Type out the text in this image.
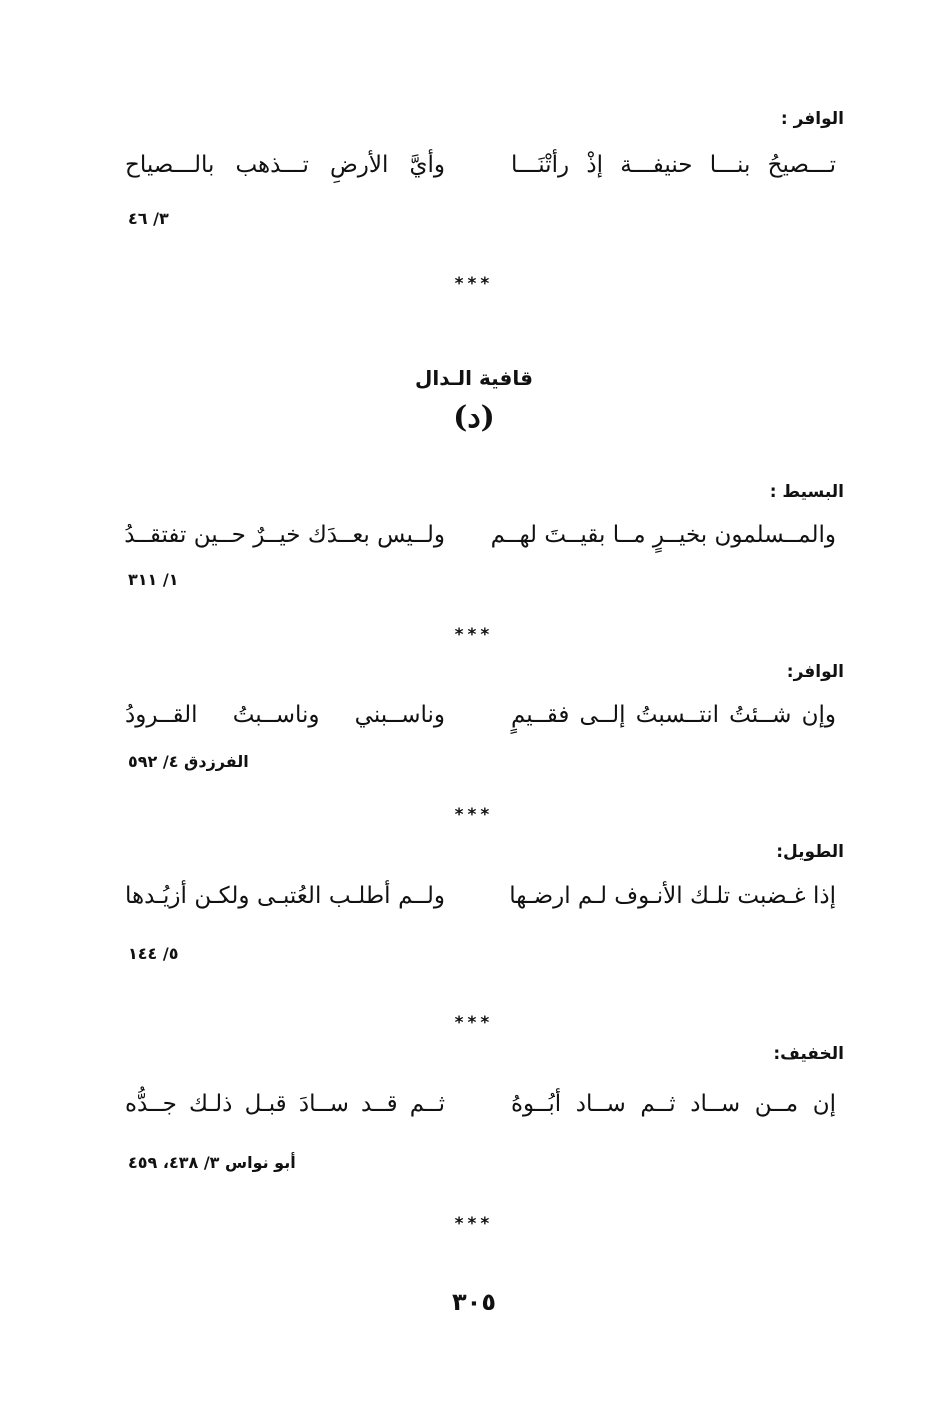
الوافر :
تـــصيحُ بنـــا حنيفـــة إذْ رأتْنَـــا
وأيَّ الأرضِ تـــذهب بالـــصياح
٣/ ٤٦
***
قافية الـدال
(د)
البسيط :
والمــسلمون بخيــرٍ مــا بقيــتَ لهــم
ولــيس بعــدَك خيــرٌ حــين تفتقــدُ
١/ ٣١١
***
الوافر:
وإن شــئتُ انتــسبتُ إلــى فقــيمٍ
وناســبني وناســبتُ القــرودُ
الفرزدق ٤/ ٥٩٢
***
الطويل:
إذا غـضبت تلـك الأنـوف لـم ارضـها
ولــم أطلـب العُتبـى ولكـن أزيُـدها
٥/ ١٤٤
***
الخفيف:
إن مــن ســاد ثــم ســاد أبُــوهُ
ثــم قــد ســادَ قبـل ذلـك جــدُّه
أبو نواس ٣/ ٤٣٨، ٤٥٩
***
٣٠٥
